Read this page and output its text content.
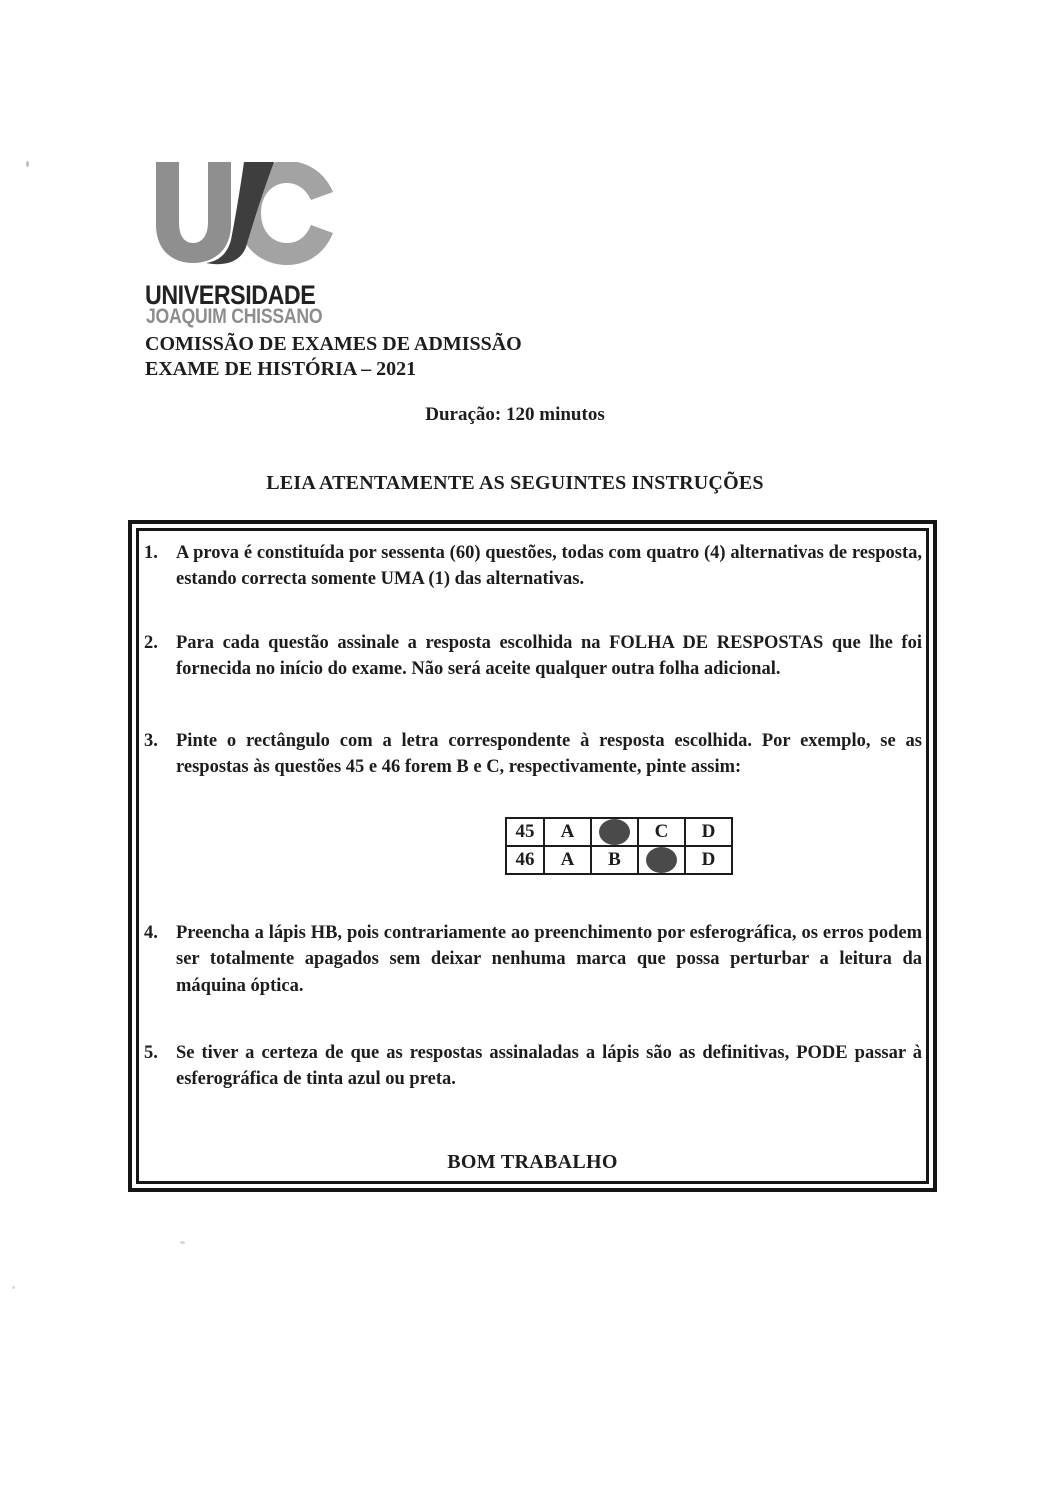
UNIVERSIDADE
JOAQUIM CHISSANO
COMISSÃO DE EXAMES DE ADMISSÃO
EXAME DE HISTÓRIA – 2021
Duração: 120 minutos
LEIA ATENTAMENTE AS SEGUINTES INSTRUÇÕES
1. A prova é constituída por sessenta (60) questões, todas com quatro (4) alternativas de resposta, estando correcta somente UMA (1) das alternativas.
2. Para cada questão assinale a resposta escolhida na FOLHA DE RESPOSTAS que lhe foi fornecida no início do exame. Não será aceite qualquer outra folha adicional.
3. Pinte o rectângulo com a letra correspondente à resposta escolhida. Por exemplo, se as respostas às questões 45 e 46 forem B e C, respectivamente, pinte assim:
45	A		C	D
46	A	B		D
4. Preencha a lápis HB, pois contrariamente ao preenchimento por esferográfica, os erros podem ser totalmente apagados sem deixar nenhuma marca que possa perturbar a leitura da máquina óptica.
5. Se tiver a certeza de que as respostas assinaladas a lápis são as definitivas, PODE passar à esferográfica de tinta azul ou preta.
BOM TRABALHO
